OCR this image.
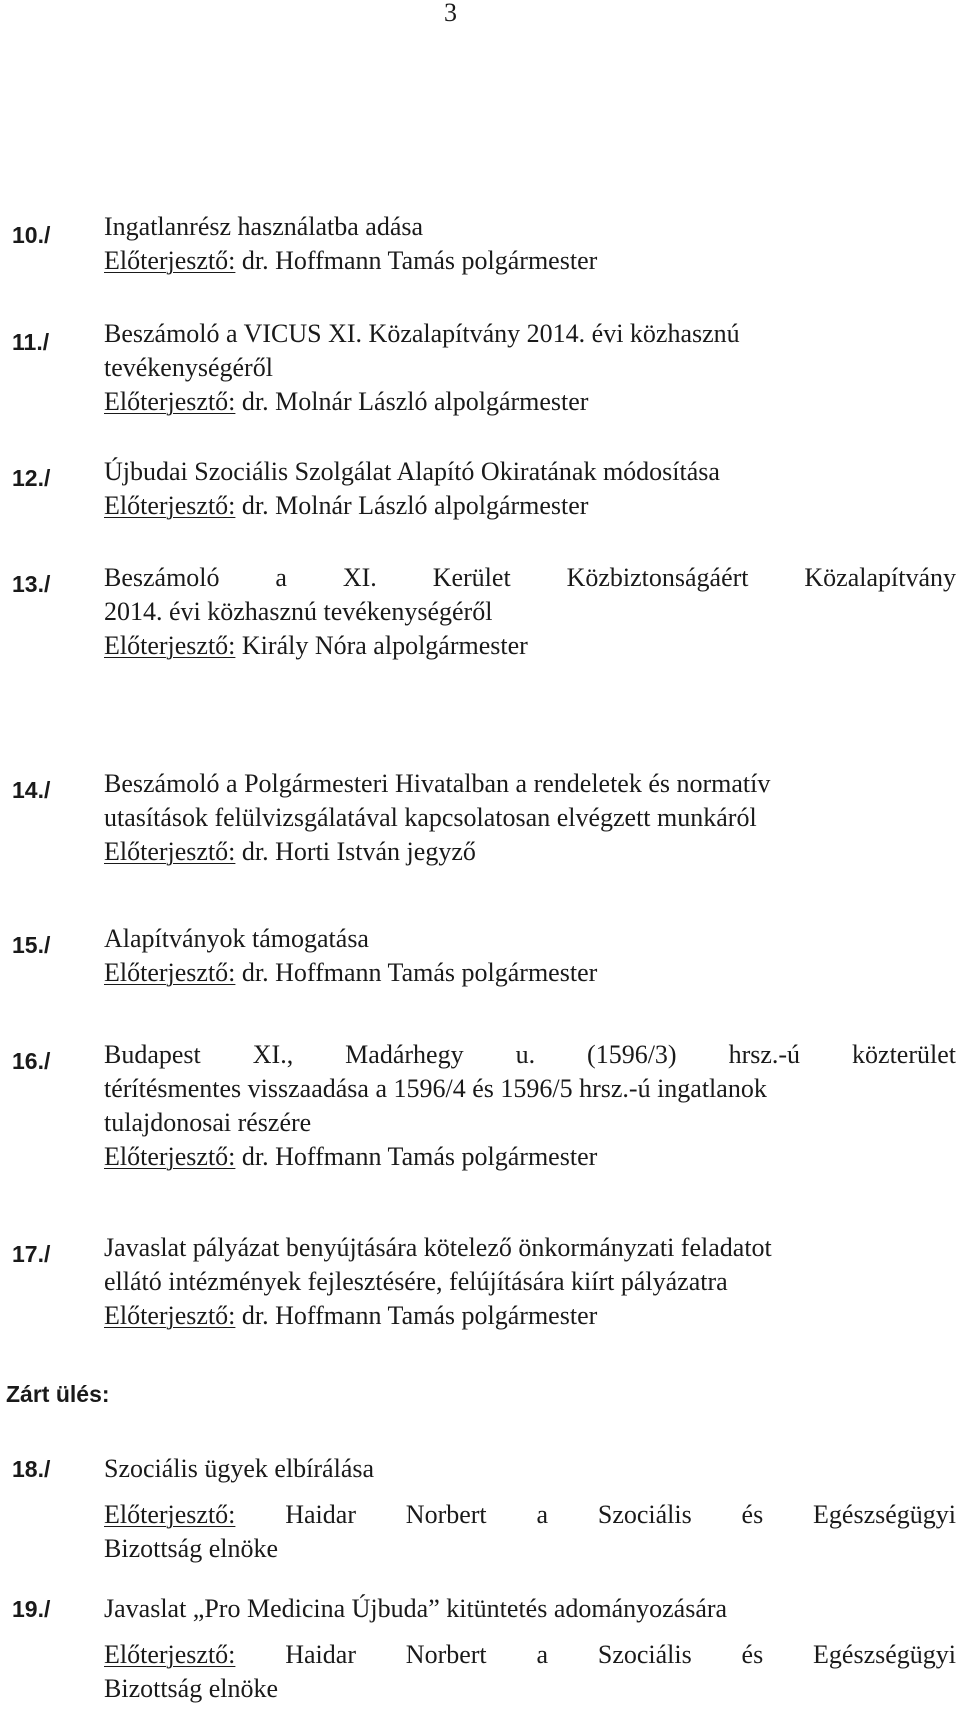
3
10./ Ingatlanrész használatba adása
Előterjesztő: dr. Hoffmann Tamás polgármester
11./ Beszámoló a VICUS XI. Közalapítvány 2014. évi közhasznú
tevékenységéről
Előterjesztő: dr. Molnár László alpolgármester
12./ Újbudai Szociális Szolgálat Alapító Okiratának módosítása
Előterjesztő: dr. Molnár László alpolgármester
13./ Beszámoló a XI. Kerület Közbiztonságáért Közalapítvány
2014. évi közhasznú tevékenységéről
Előterjesztő: Király Nóra alpolgármester
14./ Beszámoló a Polgármesteri Hivatalban a rendeletek és normatív
utasítások felülvizsgálatával kapcsolatosan elvégzett munkáról
Előterjesztő: dr. Horti István jegyző
15./ Alapítványok támogatása
Előterjesztő: dr. Hoffmann Tamás polgármester
16./ Budapest XI., Madárhegy u. (1596/3) hrsz.-ú közterület
térítésmentes visszaadása a 1596/4 és 1596/5 hrsz.-ú ingatlanok
tulajdonosai részére
Előterjesztő: dr. Hoffmann Tamás polgármester
17./ Javaslat pályázat benyújtására kötelező önkormányzati feladatot
ellátó intézmények fejlesztésére, felújítására kiírt pályázatra
Előterjesztő: dr. Hoffmann Tamás polgármester
Zárt ülés:
18./ Szociális ügyek elbírálása
Előterjesztő: Haidar Norbert a Szociális és Egészségügyi
Bizottság elnöke
19./ Javaslat „Pro Medicina Újbuda” kitüntetés adományozására
Előterjesztő: Haidar Norbert a Szociális és Egészségügyi
Bizottság elnöke
